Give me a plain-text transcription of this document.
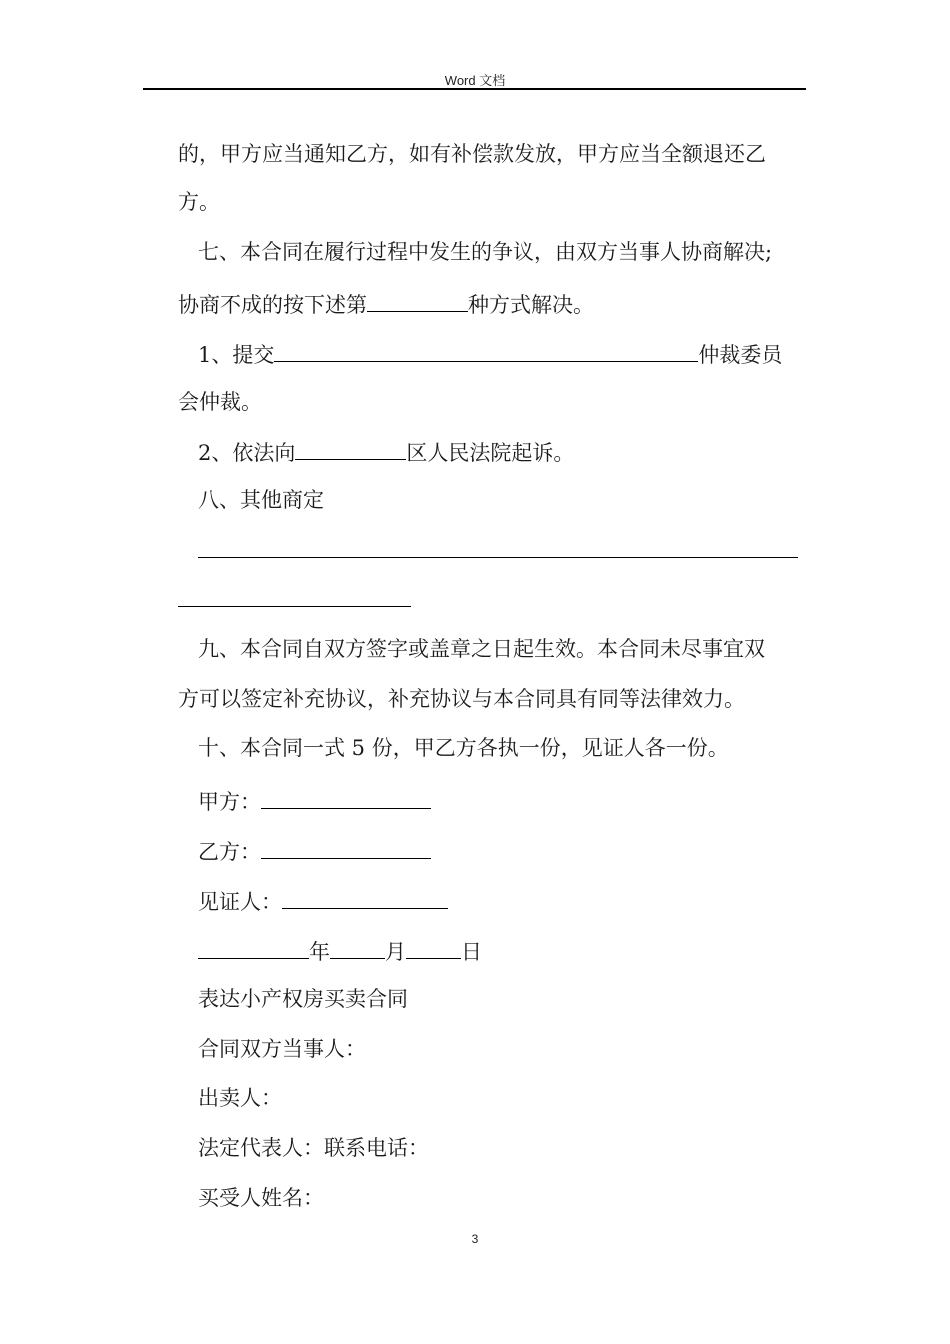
Word 文档
的，甲方应当通知乙方，如有补偿款发放，甲方应当全额退还乙
方。
七、本合同在履行过程中发生的争议，由双方当事人协商解决;
协商不成的按下述第	种方式解决。
1、提交	仲裁委员
会仲裁。
2、依法向	区人民法院起诉。
八、其他商定
九、本合同自双方签字或盖章之日起生效。本合同未尽事宜双
方可以签定补充协议，补充协议与本合同具有同等法律效力。
十、本合同一式 5 份，甲乙方各执一份，见证人各一份。
甲方：
乙方：
见证人：
年	月	日
表达小产权房买卖合同
合同双方当事人：
出卖人：
法定代表人：联系电话：
买受人姓名：
3
